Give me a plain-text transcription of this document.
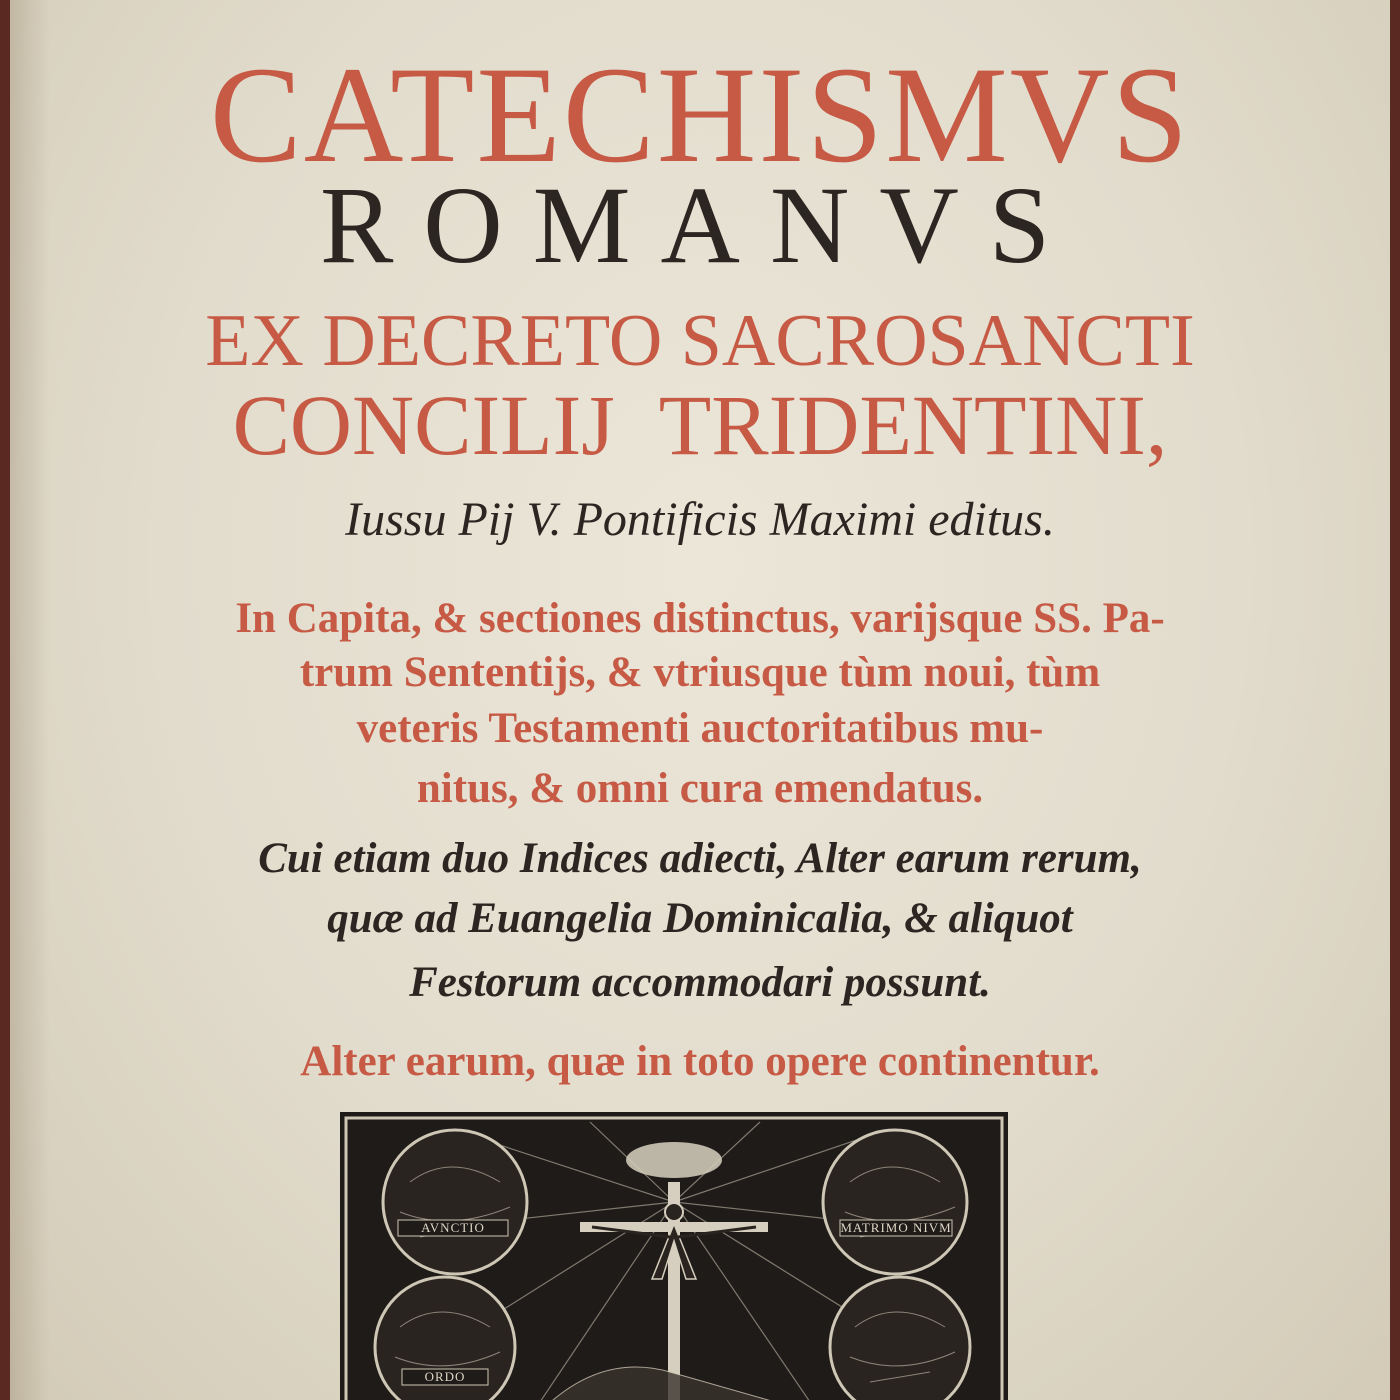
CATECHISMVS
ROMANVS
EX DECRETO SACROSANCTI
CONCILIJ TRIDENTINI,
Iussu Pij V. Pontificis Maximi editus.
In Capita, & sectiones distinctus, varijsque SS. Pa-
trum Sententijs, & vtriusque tùm noui, tùm
veteris Testamenti auctoritatibus mu-
nitus, & omni cura emendatus.
Cui etiam duo Indices adiecti, Alter earum rerum,
quæ ad Euangelia Dominicalia, & aliquot
Festorum accommodari possunt.
Alter earum, quæ in toto opere continentur.
AVNCTIO	MATRIMO NIVM
ORDO
